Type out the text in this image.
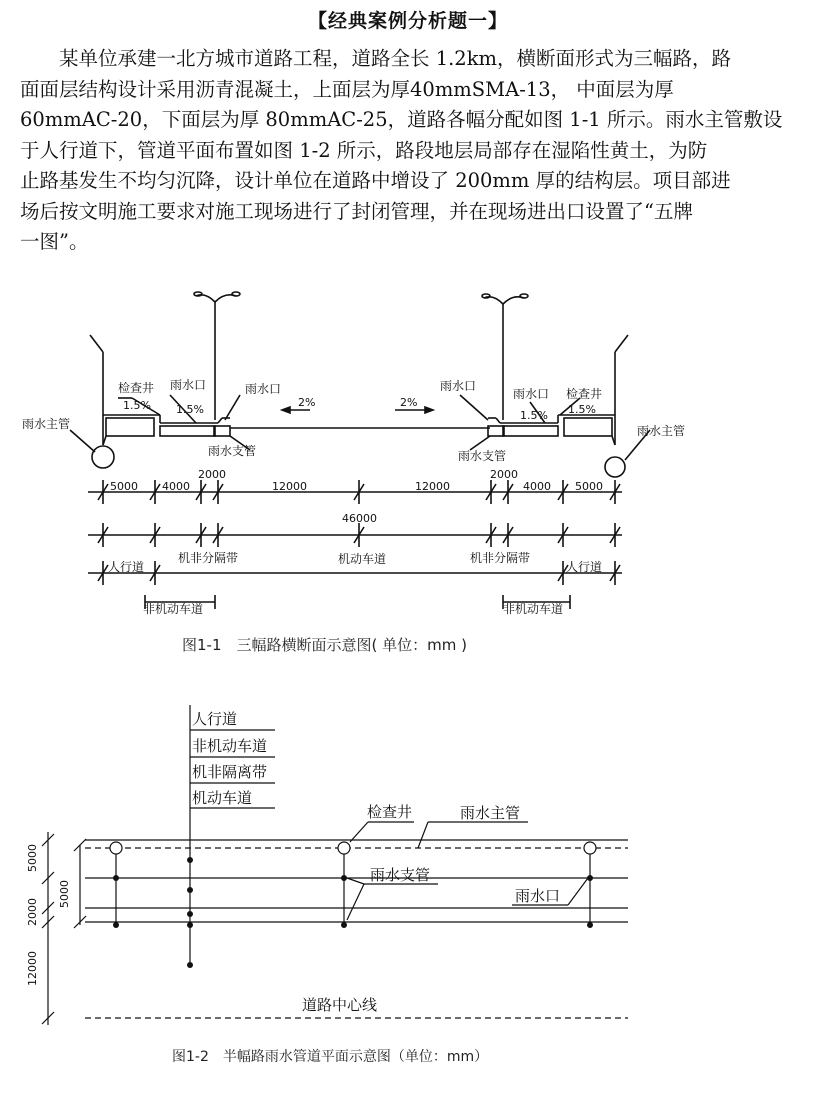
【经典案例分析题一】

某单位承建一北方城市道路工程，道路全长 1.2km，横断面形式为三幅路，路

面面层结构设计采用沥青混凝土，上面层为厚40mmSMA-13， 中面层为厚

60mmAC-20，下面层为厚 80mmAC-25，道路各幅分配如图 1-1 所示。雨水主管敷设

于人行道下，管道平面布置如图 1-2 所示，路段地层局部存在湿陷性黄土，为防

止路基发生不均匀沉降，设计单位在道路中增设了 200mm 厚的结构层。项目部进

场后按文明施工要求对施工现场进行了封闭管理，并在现场进出口设置了“五牌

一图”。

雨水主管	雨水主管
检查井	检查井
雨水口	雨水口	雨水口
雨水口
雨水支管	雨水支管
1.5% 1.5%
2%	2%
1.5% 1.5%
5000 4000
2000
12000	12000
2000
4000 5000
46000
人行道
机非分隔带	机动车道	机非分隔带
人行道
非机动车道	非机动车道
图1-1　三幅路横断面示意图( 单位：mm )
人行道
非机动车道
机非隔离带
机动车道
检查井	雨水主管
雨水支管
雨水口
道路中心线
5000
5000
2000
12000
图1-2　半幅路雨水管道平面示意图（单位：mm）
